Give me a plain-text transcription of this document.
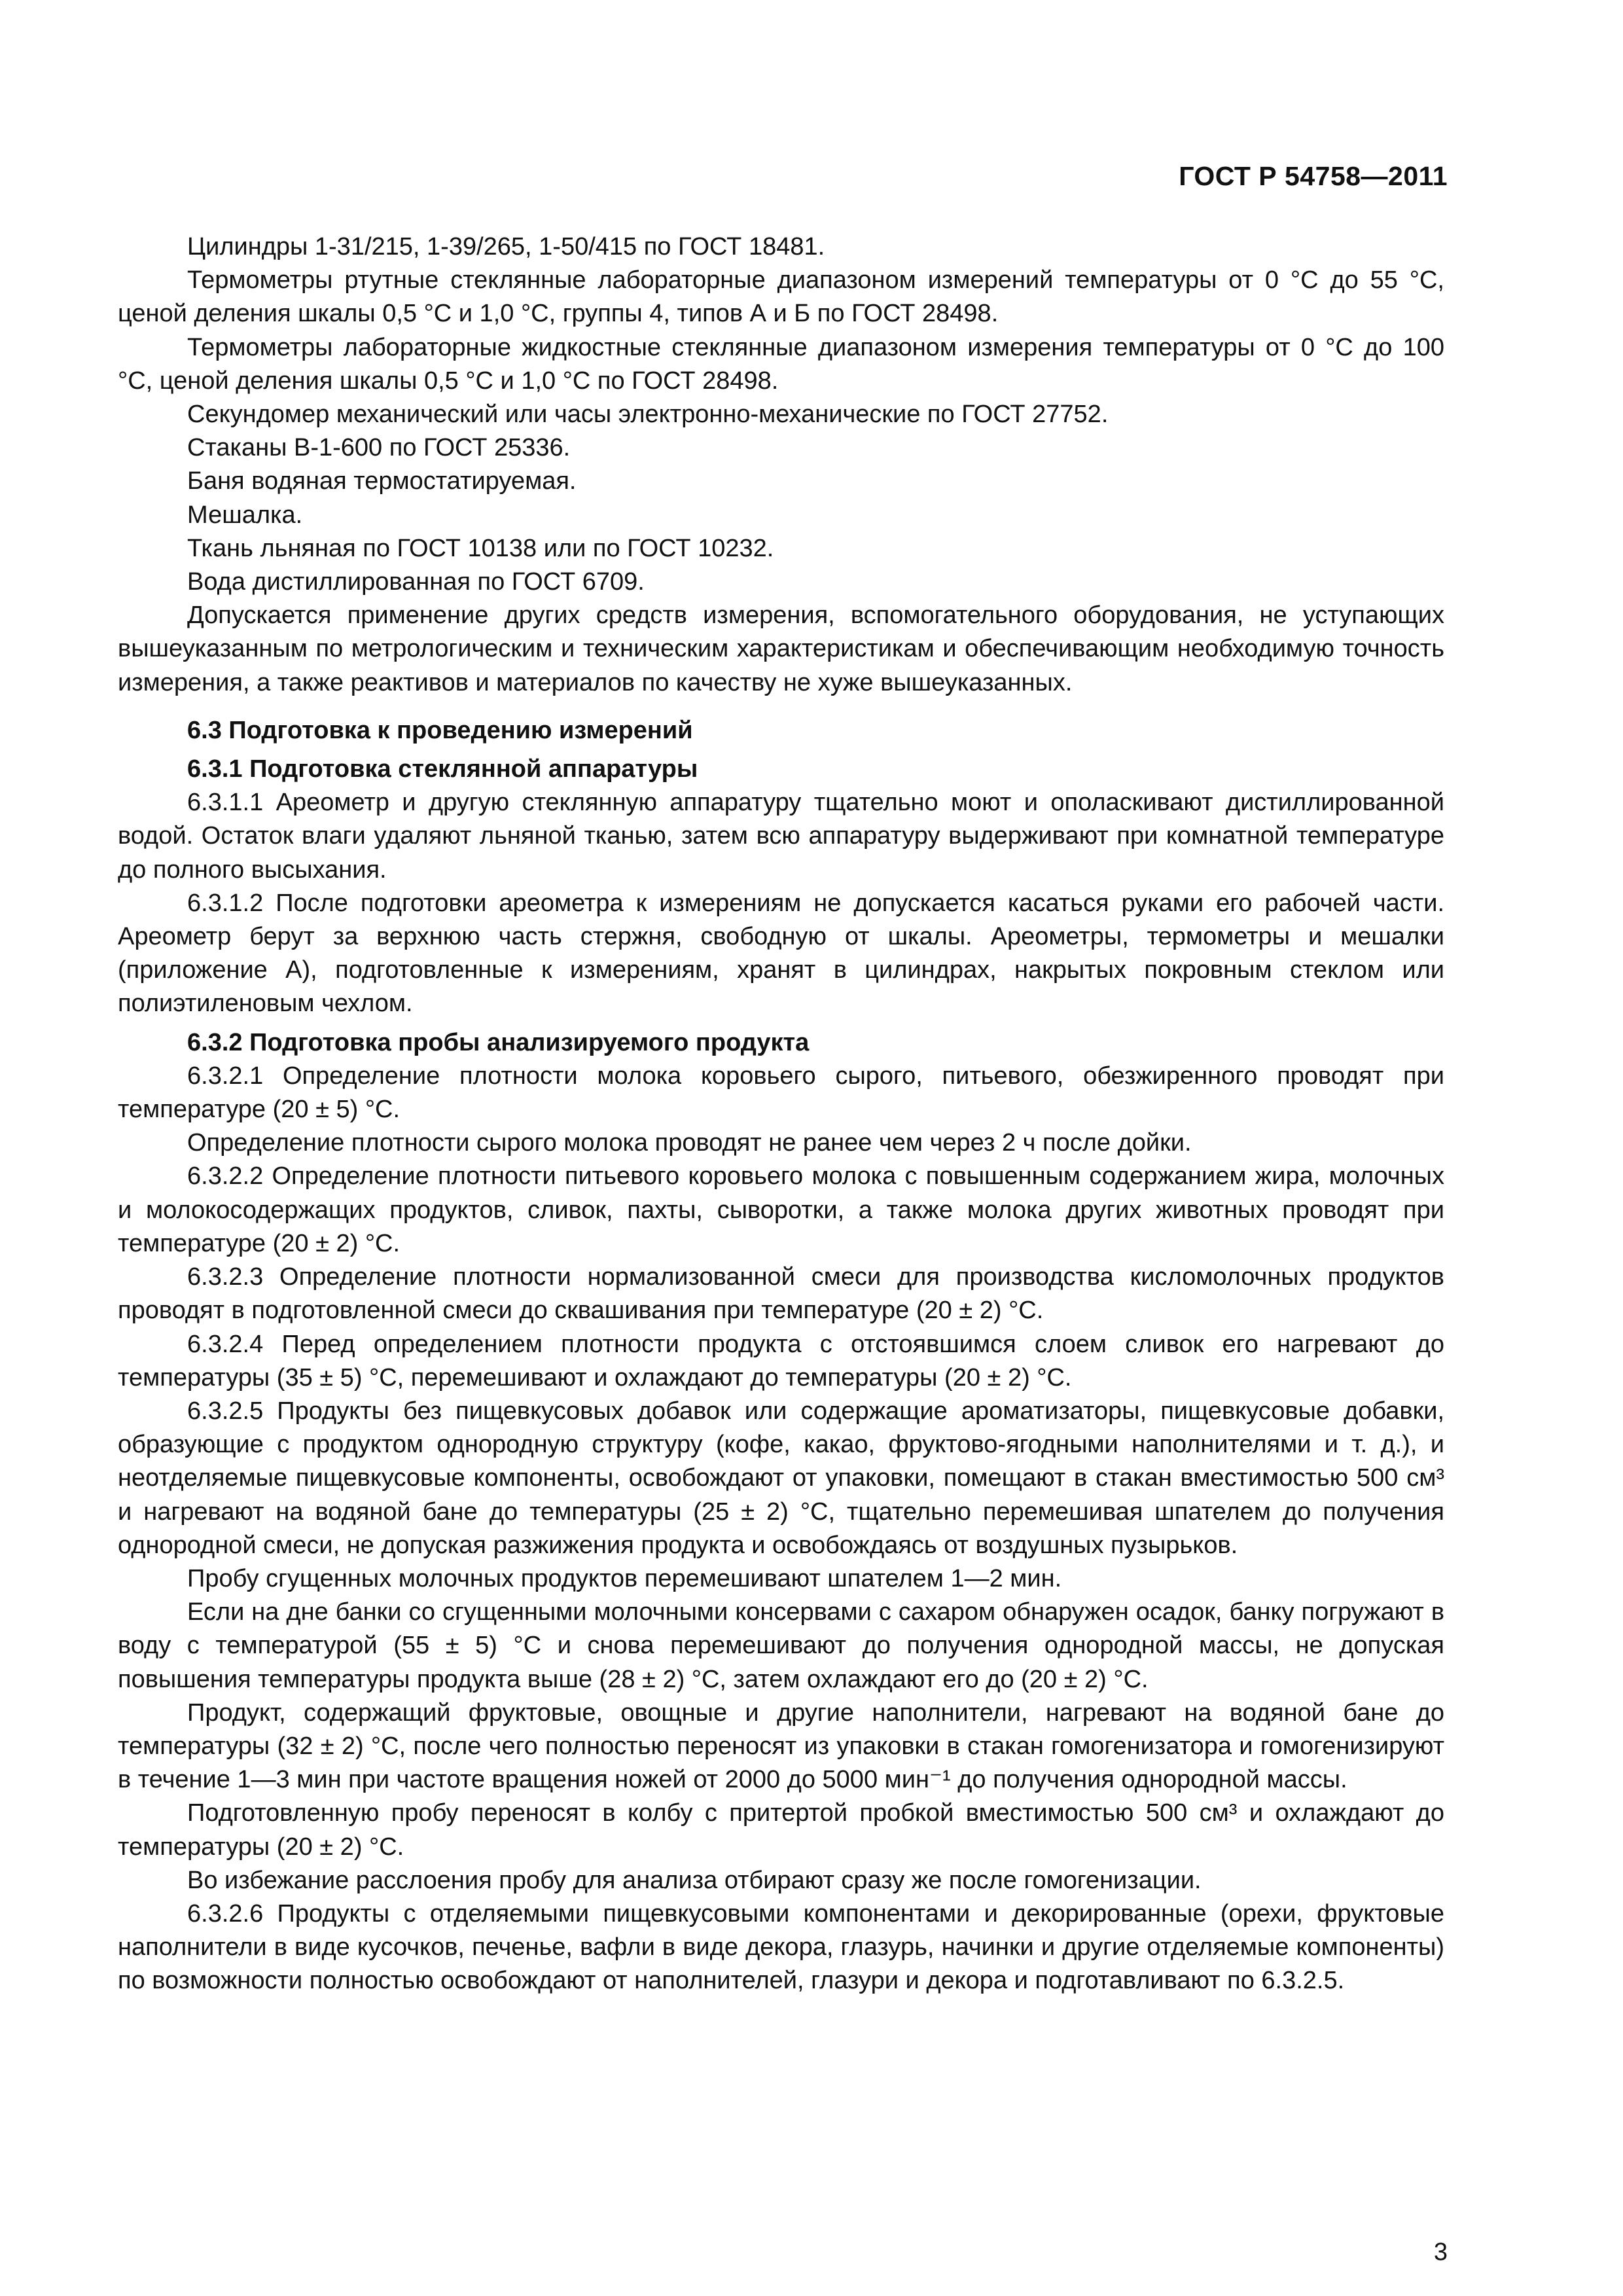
ГОСТ Р 54758—2011

Цилиндры 1-31/215, 1-39/265, 1-50/415 по ГОСТ 18481.

Термометры ртутные стеклянные лабораторные диапазоном измерений температуры от 0 °С до 55 °С, ценой деления шкалы 0,5 °С и 1,0 °С, группы 4, типов А и Б по ГОСТ 28498.

Термометры лабораторные жидкостные стеклянные диапазоном измерения температуры от 0 °С до 100 °С, ценой деления шкалы 0,5 °С и 1,0 °С по ГОСТ 28498.

Секундомер механический или часы электронно-механические по ГОСТ 27752.

Стаканы В-1-600 по ГОСТ 25336.

Баня водяная термостатируемая.

Мешалка.

Ткань льняная по ГОСТ 10138 или по ГОСТ 10232.

Вода дистиллированная по ГОСТ 6709.

Допускается применение других средств измерения, вспомогательного оборудования, не уступающих вышеуказанным по метрологическим и техническим характеристикам и обеспечивающим необходимую точность измерения, а также реактивов и материалов по качеству не хуже вышеуказанных.

6.3 Подготовка к проведению измерений
6.3.1 Подготовка стеклянной аппаратуры

6.3.1.1 Ареометр и другую стеклянную аппаратуру тщательно моют и ополаскивают дистиллированной водой. Остаток влаги удаляют льняной тканью, затем всю аппаратуру выдерживают при комнатной температуре до полного высыхания.

6.3.1.2 После подготовки ареометра к измерениям не допускается касаться руками его рабочей части. Ареометр берут за верхнюю часть стержня, свободную от шкалы. Ареометры, термометры и мешалки (приложение А), подготовленные к измерениям, хранят в цилиндрах, накрытых покровным стеклом или полиэтиленовым чехлом.

6.3.2 Подготовка пробы анализируемого продукта

6.3.2.1 Определение плотности молока коровьего сырого, питьевого, обезжиренного проводят при температуре (20 ± 5) °С.

Определение плотности сырого молока проводят не ранее чем через 2 ч после дойки.

6.3.2.2 Определение плотности питьевого коровьего молока с повышенным содержанием жира, молочных и молокосодержащих продуктов, сливок, пахты, сыворотки, а также молока других животных проводят при температуре (20 ± 2) °С.

6.3.2.3 Определение плотности нормализованной смеси для производства кисломолочных продуктов проводят в подготовленной смеси до сквашивания при температуре (20 ± 2) °С.

6.3.2.4 Перед определением плотности продукта с отстоявшимся слоем сливок его нагревают до температуры (35 ± 5) °С, перемешивают и охлаждают до температуры (20 ± 2) °С.

6.3.2.5 Продукты без пищевкусовых добавок или содержащие ароматизаторы, пищевкусовые добавки, образующие с продуктом однородную структуру (кофе, какао, фруктово-ягодными наполнителями и т. д.), и неотделяемые пищевкусовые компоненты, освобождают от упаковки, помещают в стакан вместимостью 500 см³ и нагревают на водяной бане до температуры (25 ± 2) °С, тщательно перемешивая шпателем до получения однородной смеси, не допуская разжижения продукта и освобождаясь от воздушных пузырьков.

Пробу сгущенных молочных продуктов перемешивают шпателем 1—2 мин.

Если на дне банки со сгущенными молочными консервами с сахаром обнаружен осадок, банку погружают в воду с температурой (55 ± 5) °С и снова перемешивают до получения однородной массы, не допуская повышения температуры продукта выше (28 ± 2) °С, затем охлаждают его до (20 ± 2) °С.

Продукт, содержащий фруктовые, овощные и другие наполнители, нагревают на водяной бане до температуры (32 ± 2) °С, после чего полностью переносят из упаковки в стакан гомогенизатора и гомогенизируют в течение 1—3 мин при частоте вращения ножей от 2000 до 5000 мин⁻¹ до получения однородной массы.

Подготовленную пробу переносят в колбу с притертой пробкой вместимостью 500 см³ и охлаждают до температуры (20 ± 2) °С.

Во избежание расслоения пробу для анализа отбирают сразу же после гомогенизации.

6.3.2.6 Продукты с отделяемыми пищевкусовыми компонентами и декорированные (орехи, фруктовые наполнители в виде кусочков, печенье, вафли в виде декора, глазурь, начинки и другие отделяемые компоненты) по возможности полностью освобождают от наполнителей, глазури и декора и подготавливают по 6.3.2.5.

3
